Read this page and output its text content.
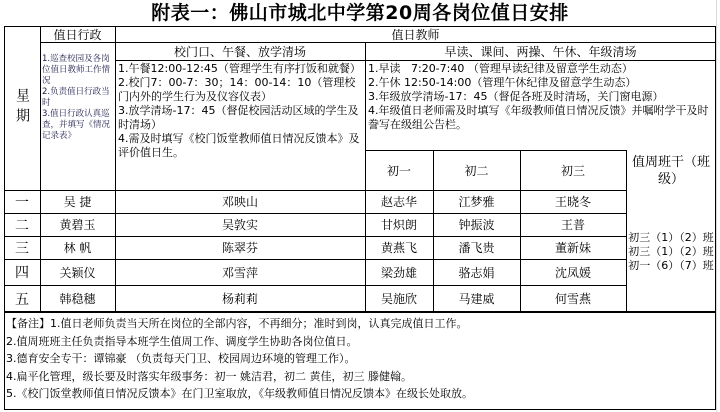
附表一：佛山市城北中学第20周各岗位值日安排
值日行政	值日教师
校门口、午餐、放学清场	早读、课间、两操、午休、年级清场
星期
1.巡查校园及各岗位值日教师工作情况
2.负责值日行政当时
3.值日行政认真巡查，并填写《情况记录表》
1.午餐12:00-12:45（管理学生有序打饭和就餐）
2.校门7：00-7：30；14：00-14：10（管理校门内外的学生行为及仪容仪表）
3.放学清场-17：45（督促校园活动区域的学生及时清场）
4.需及时填写《校门饭堂教师值日情况反馈本》及评价值日生。
1.早读   7:20-7:40 （管理早读纪律及留意学生动态）
2.午休 12:50-14:00（管理午休纪律及留意学生动态）
3.年级放学清场-17：45（督促各班及时清场，关门窗电源）
4.年级值日老师需及时填写《年级教师值日情况反馈》并嘱咐学干及时誊写在级组公告栏。
初一	初二	初三
值周班干（班级）
初三（1）（2）班
初三（1）（2）班
初一（6）（7）班
一	吴 捷	邓映山	赵志华	江梦雅	王晓冬
二	黄碧玉	吴敦实	甘炽朗	钟振波	王普
三	林 帆	陈翠芬	黄燕飞	潘飞贵	董新妹
四	关颖仪	邓雪萍	梁劲雄	骆志娟	沈凤媛
五	韩稳穗	杨莉莉	吴施欣	马建威	何雪燕
【备注】1.值日老师负责当天所在岗位的全部内容，不再细分；准时到岗，认真完成值日工作。
2.值周班班主任负责指导本班学生值周工作、调度学生协助各岗位值日。
3.德育安全专干：谭锦豪 （负责每天门卫、校园周边环境的管理工作）。
4.扁平化管理，级长要及时落实年级事务：初一 姚洁君，初二 黄佳，初三 滕健翰。
5.《校门饭堂教师值日情况反馈本》在门卫室取放，《年级教师值日情况反馈本》在级长处取放。
